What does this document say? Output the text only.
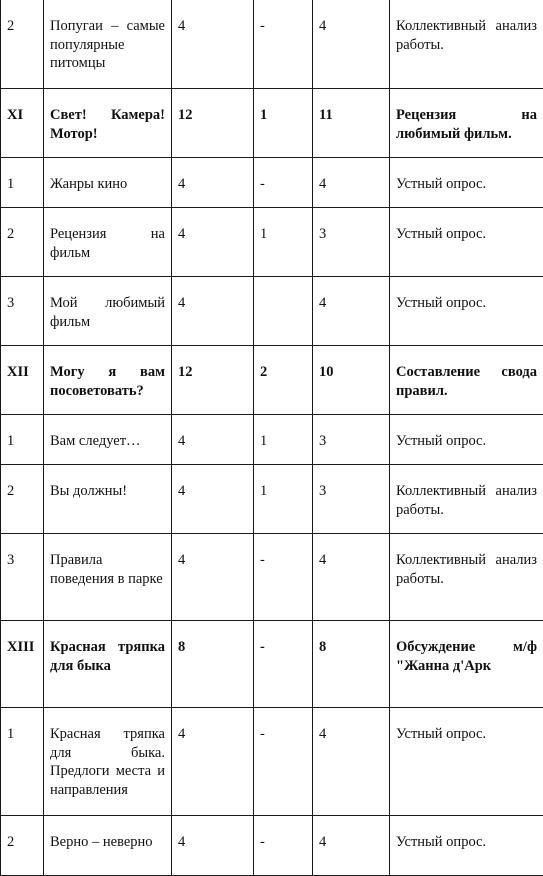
2	Попугаи – самые популярные питомцы	4	-	4	Коллективный анализ работы.
XI	Свет! Камера! Мотор!	12	1	11	Рецензия на любимый фильм.
1	Жанры кино	4	-	4	Устный опрос.
2	Рецензия на фильм	4	1	3	Устный опрос.
3	Мой любимый фильм	4		4	Устный опрос.
XII	Могу я вам посоветовать?	12	2	10	Составление свода правил.
1	Вам следует…	4	1	3	Устный опрос.
2	Вы должны!	4	1	3	Коллективный анализ работы.
3	Правила поведения в парке	4	-	4	Коллективный анализ работы.
XIII	Красная тряпка для быка	8	-	8	Обсуждение м/ф "Жанна д'Арк
1	Красная тряпка для быка. Предлоги места и направления	4	-	4	Устный опрос.
2	Верно – неверно	4	-	4	Устный опрос.
